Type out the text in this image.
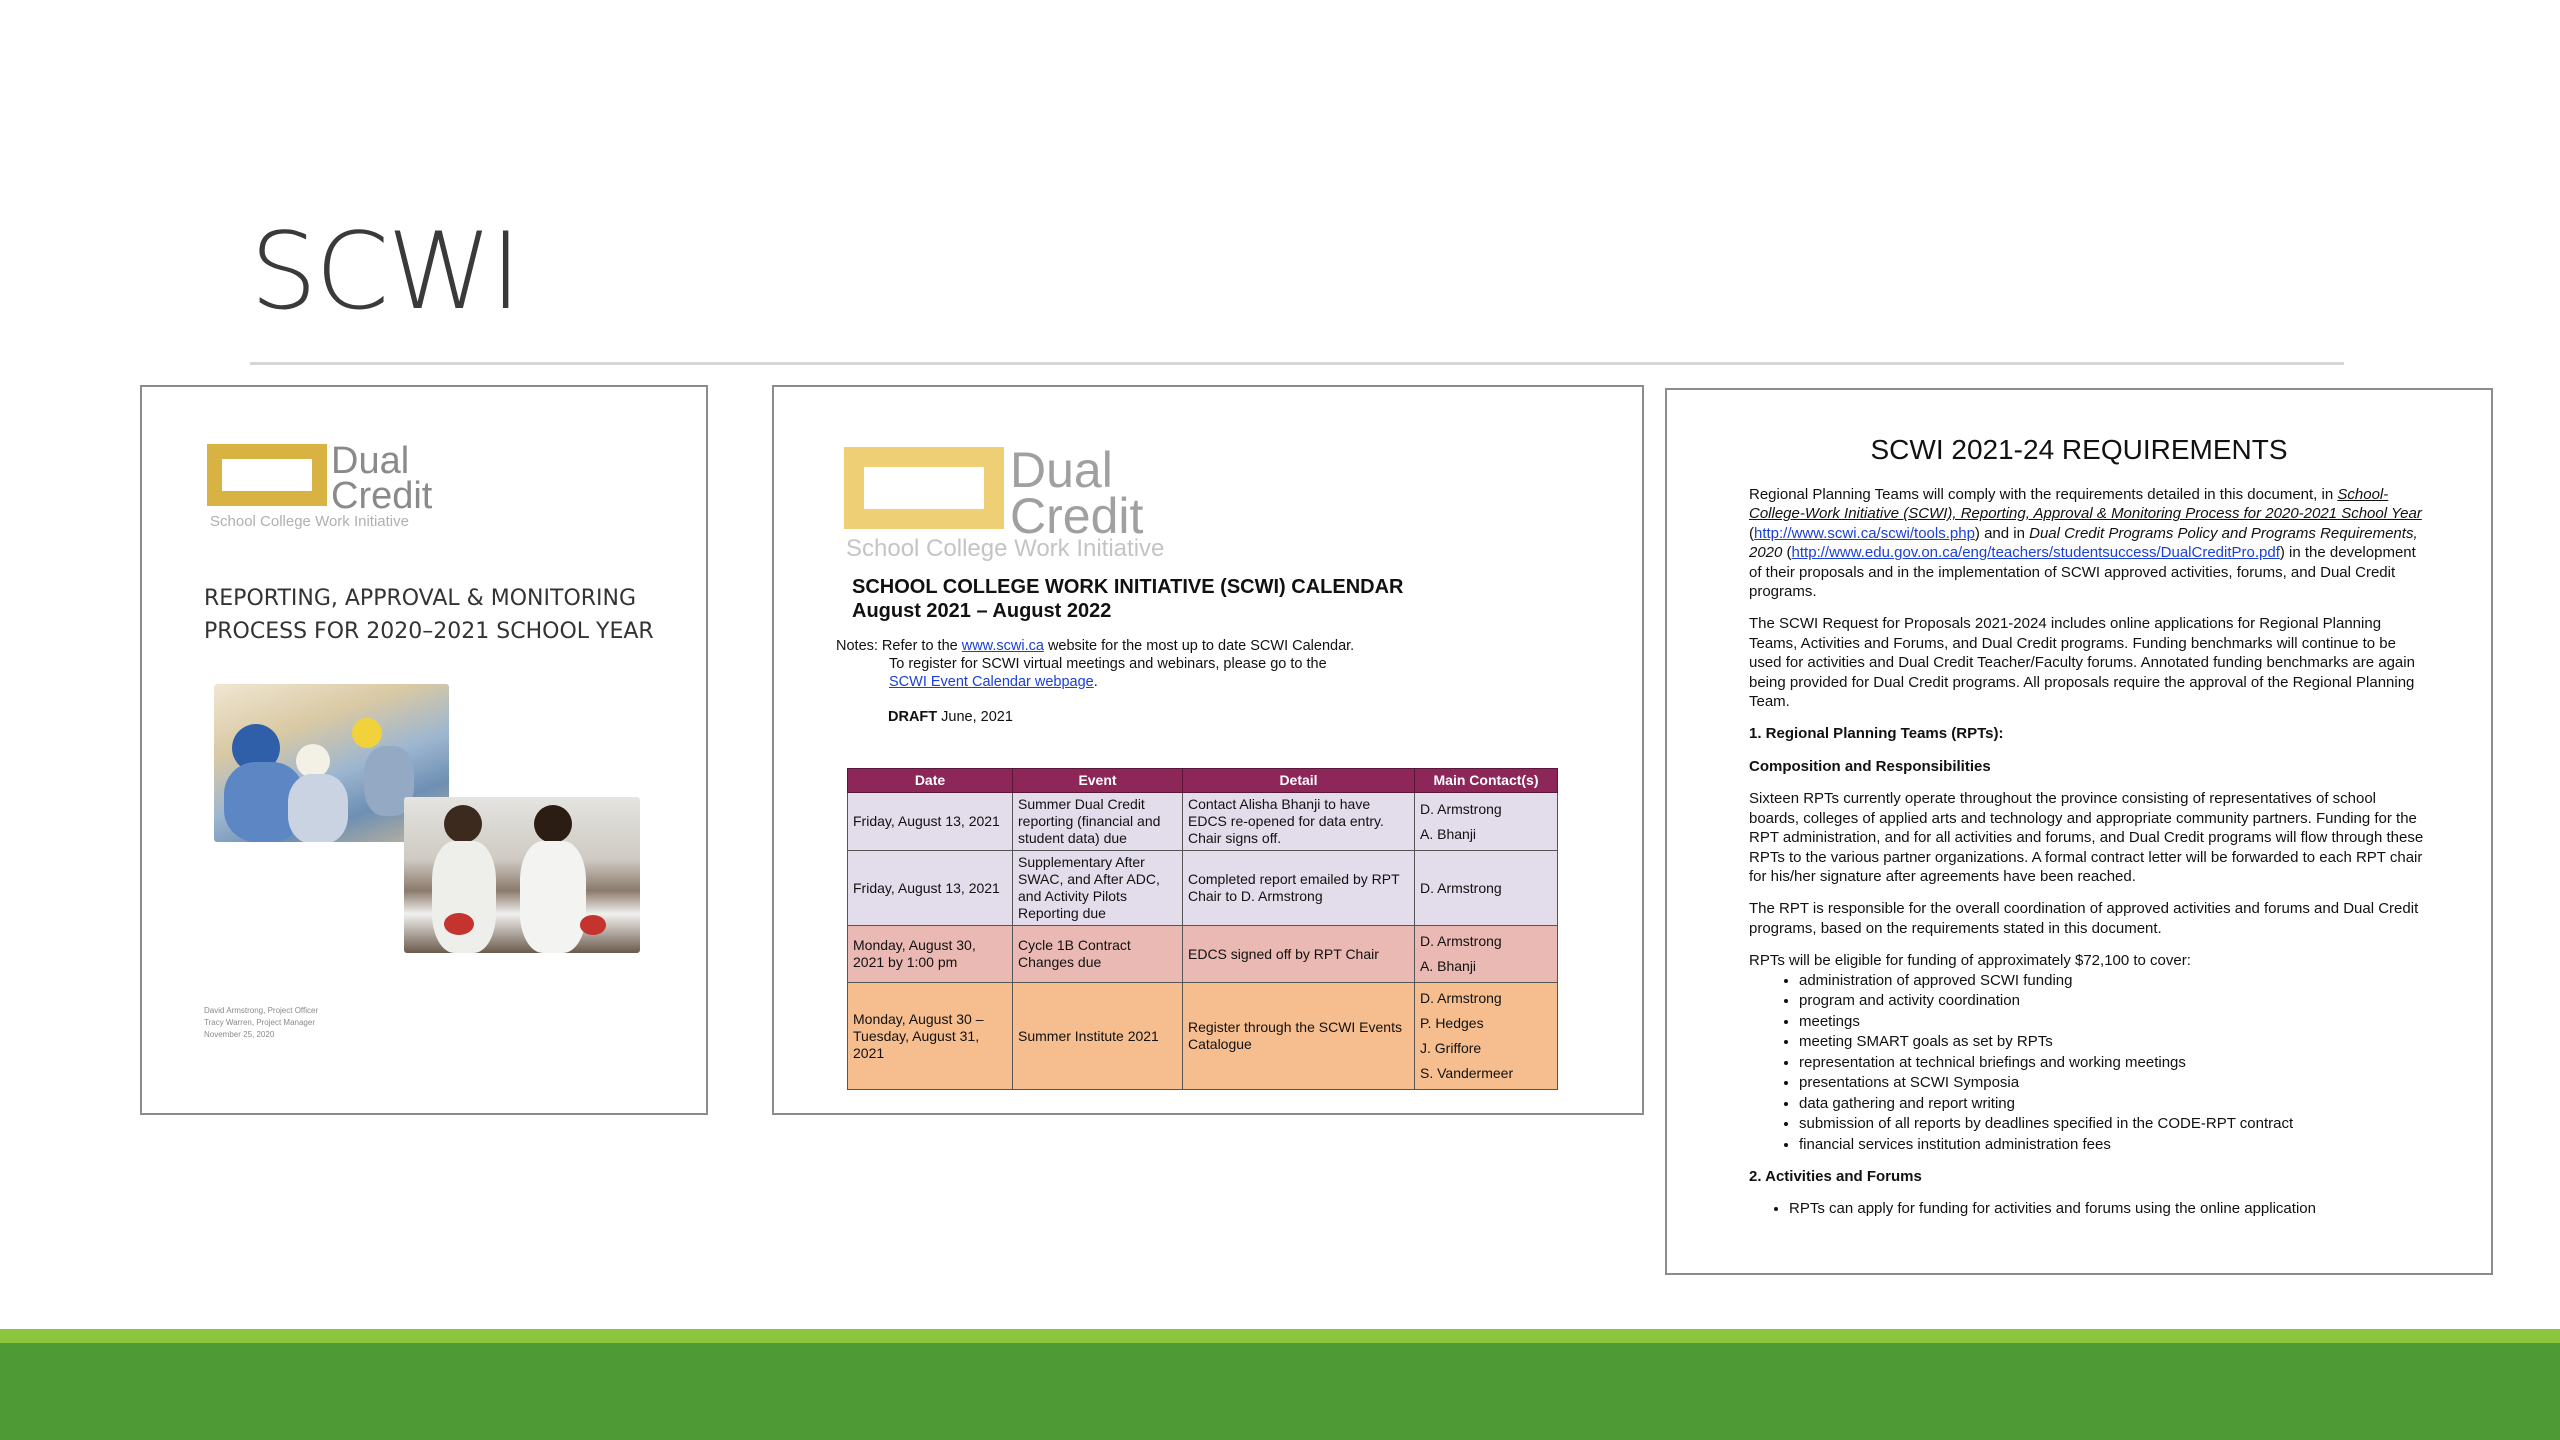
SCWI
Dual
Credit
School College Work Initiative
REPORTING, APPROVAL & MONITORING
PROCESS FOR 2020–2021 SCHOOL YEAR
David Armstrong, Project Officer
Tracy Warren, Project Manager
November 25, 2020
Dual
Credit
School College Work Initiative
SCHOOL COLLEGE WORK INITIATIVE (SCWI) CALENDAR
August 2021 – August 2022
Notes: Refer to the www.scwi.ca website for the most up to date SCWI Calendar.
To register for SCWI virtual meetings and webinars, please go to the
SCWI Event Calendar webpage.
DRAFT June, 2021
Date	Event	Detail	Main Contact(s)
Friday, August 13, 2021	Summer Dual Credit reporting (financial and student data) due	Contact Alisha Bhanji to have EDCS re-opened for data entry. Chair signs off.	D. Armstrong
A. Bhanji

Friday, August 13, 2021	Supplementary After SWAC, and After ADC, and Activity Pilots Reporting due	Completed report emailed by RPT Chair to D. Armstrong	D. Armstrong

Monday, August 30, 2021 by 1:00 pm	Cycle 1B Contract Changes due	EDCS signed off by RPT Chair	D. Armstrong
A. Bhanji

Monday, August 30 – Tuesday, August 31, 2021	Summer Institute 2021	Register through the SCWI Events Catalogue	D. Armstrong
P. Hedges
J. Griffore
S. Vandermeer
SCWI 2021-24 REQUIREMENTS

Regional Planning Teams will comply with the requirements detailed in this document, in School-College-Work Initiative (SCWI), Reporting, Approval & Monitoring Process for 2020-2021 School Year (http://www.scwi.ca/scwi/tools.php) and in Dual Credit Programs Policy and Programs Requirements, 2020 (http://www.edu.gov.on.ca/eng/teachers/studentsuccess/DualCreditPro.pdf) in the development of their proposals and in the implementation of SCWI approved activities, forums, and Dual Credit programs.

The SCWI Request for Proposals 2021-2024 includes online applications for Regional Planning Teams, Activities and Forums, and Dual Credit programs. Funding benchmarks will continue to be used for activities and Dual Credit Teacher/Faculty forums. Annotated funding benchmarks are again being provided for Dual Credit programs. All proposals require the approval of the Regional Planning Team.

1. Regional Planning Teams (RPTs):
Composition and Responsibilities

Sixteen RPTs currently operate throughout the province consisting of representatives of school boards, colleges of applied arts and technology and appropriate community partners. Funding for the RPT administration, and for all activities and forums, and Dual Credit programs will flow through these RPTs to the various partner organizations. A formal contract letter will be forwarded to each RPT chair for his/her signature after agreements have been reached.

The RPT is responsible for the overall coordination of approved activities and forums and Dual Credit programs, based on the requirements stated in this document.

RPTs will be eligible for funding of approximately $72,100 to cover:

• administration of approved SCWI funding
• program and activity coordination
• meetings
• meeting SMART goals as set by RPTs
• representation at technical briefings and working meetings
• presentations at SCWI Symposia
• data gathering and report writing
• submission of all reports by deadlines specified in the CODE-RPT contract
• financial services institution administration fees
2. Activities and Forums
• RPTs can apply for funding for activities and forums using the online application
